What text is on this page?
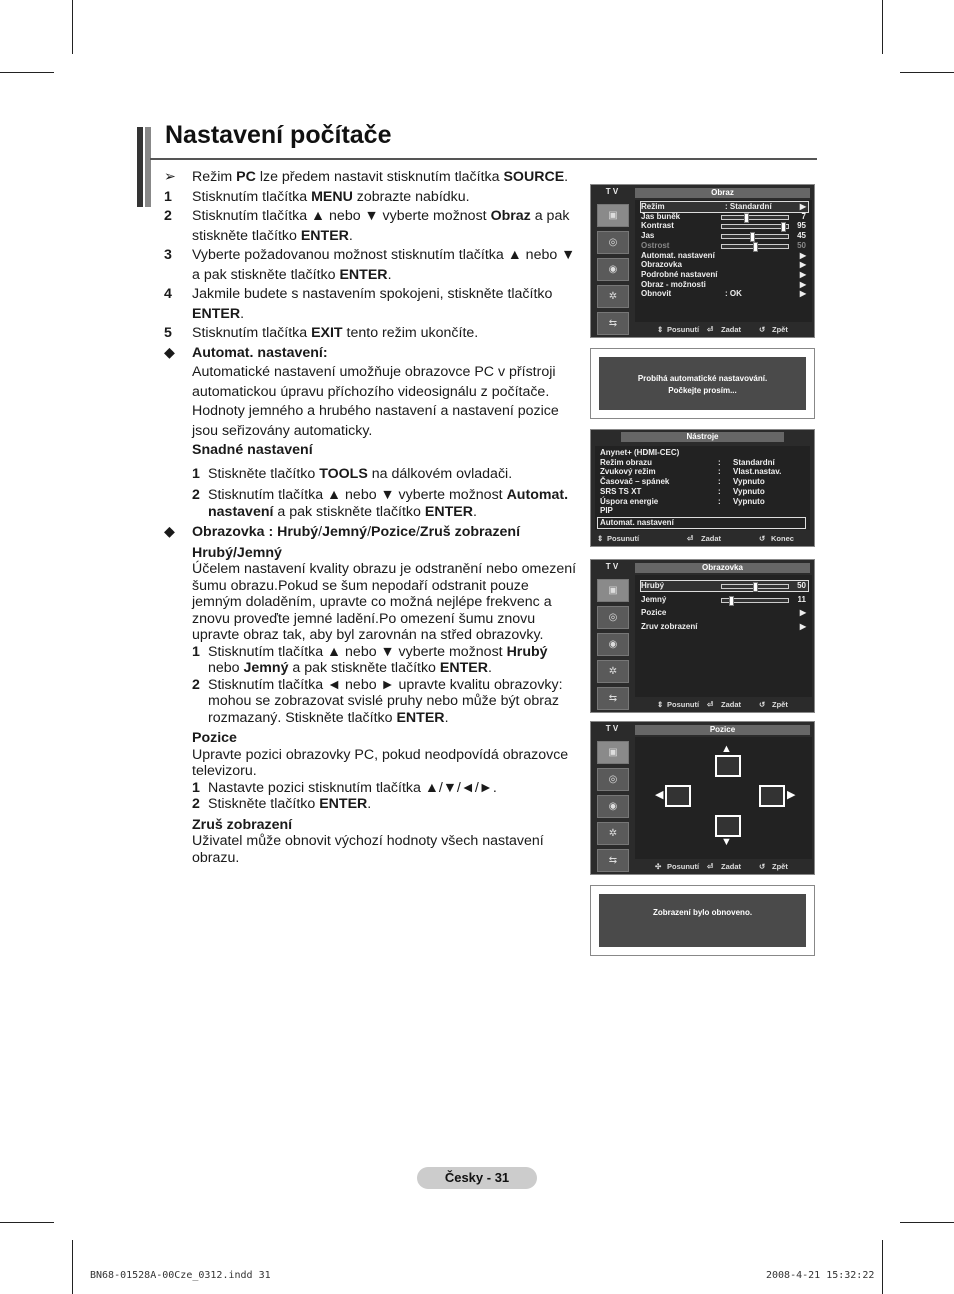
Nastavení počítače
➢ Režim PC lze předem nastavit stisknutím tlačítka SOURCE.
1 Stisknutím tlačítka MENU zobrazte nabídku.
2 Stisknutím tlačítka ▲ nebo ▼ vyberte možnost Obraz a pak stiskněte tlačítko ENTER.
3 Vyberte požadovanou možnost stisknutím tlačítka ▲ nebo ▼ a pak stiskněte tlačítko ENTER.
4 Jakmile budete s nastavením spokojeni, stiskněte tlačítko ENTER.
5 Stisknutím tlačítka EXIT tento režim ukončíte.
◆ Automat. nastavení:
Automatické nastavení umožňuje obrazovce PC v přístroji automatickou úpravu příchozího videosignálu z počítače.
Hodnoty jemného a hrubého nastavení a nastavení pozice jsou seřizovány automaticky.
Snadné nastavení
1 Stiskněte tlačítko TOOLS na dálkovém ovladači.
2 Stisknutím tlačítka ▲ nebo ▼ vyberte možnost Automat. nastavení a pak stiskněte tlačítko ENTER.
◆ Obrazovka : Hrubý/Jemný/Pozice/Zruš zobrazení
Hrubý/Jemný
Účelem nastavení kvality obrazu je odstranění nebo omezení šumu obrazu.Pokud se šum nepodaří odstranit pouze jemným doladěním, upravte co možná nejlépe frekvenc a znovu proveďte jemné ladění.Po omezení šumu znovu upravte obraz tak, aby byl zarovnán na střed obrazovky.
1 Stisknutím tlačítka ▲ nebo ▼ vyberte možnost Hrubý nebo Jemný a pak stiskněte tlačítko ENTER.
2 Stisknutím tlačítka ◄ nebo ► upravte kvalitu obrazovky: mohou se zobrazovat svislé pruhy nebo může být obraz rozmazaný. Stiskněte tlačítko ENTER.
Pozice
Upravte pozici obrazovky PC, pokud neodpovídá obrazovce televizoru.
1 Nastavte pozici stisknutím tlačítka ▲/▼/◄/►.
2 Stiskněte tlačítko ENTER.
Zruš zobrazení
Uživatel může obnovit výchozí hodnoty všech nastavení obrazu.
T V	Obraz
▣
◎
◉
✲
⇆
Režim	: Standardní	▶
Jas buněk	7
Kontrast	95
Jas	45
Ostrost	50
Automat. nastavení	▶
Obrazovka	▶
Podrobné nastavení	▶
Obraz - možnosti	▶
Obnovit	: OK	▶
⇕ Posunutí ⏎ Zadat ↺ Zpět
Probíhá automatické nastavování.
Počkejte prosím...
Nástroje
Anynet+ (HDMI-CEC)
Režim obrazu	: Standardní
Zvukový režim	: Vlast.nastav.
Časovač – spánek	: Vypnuto
SRS TS XT	: Vypnuto
Úspora energie	: Vypnuto
PIP
Automat. nastavení
⇕ Posunutí	⏎ Zadat	↺ Konec
T V	Obrazovka
▣
◎
◉
✲
⇆
Hrubý	50
Jemný	11
Pozice	▶
Zruv zobrazení	▶
⇕ Posunutí ⏎ Zadat ↺ Zpět
T V	Pozice
▣
◎
◉
✲
⇆
▲
◀	▶
▼
✣ Posunutí ⏎ Zadat ↺ Zpět
Zobrazení bylo obnoveno.
Česky - 31
BN68-01528A-00Cze_0312.indd 31	2008-4-21 15:32:22
